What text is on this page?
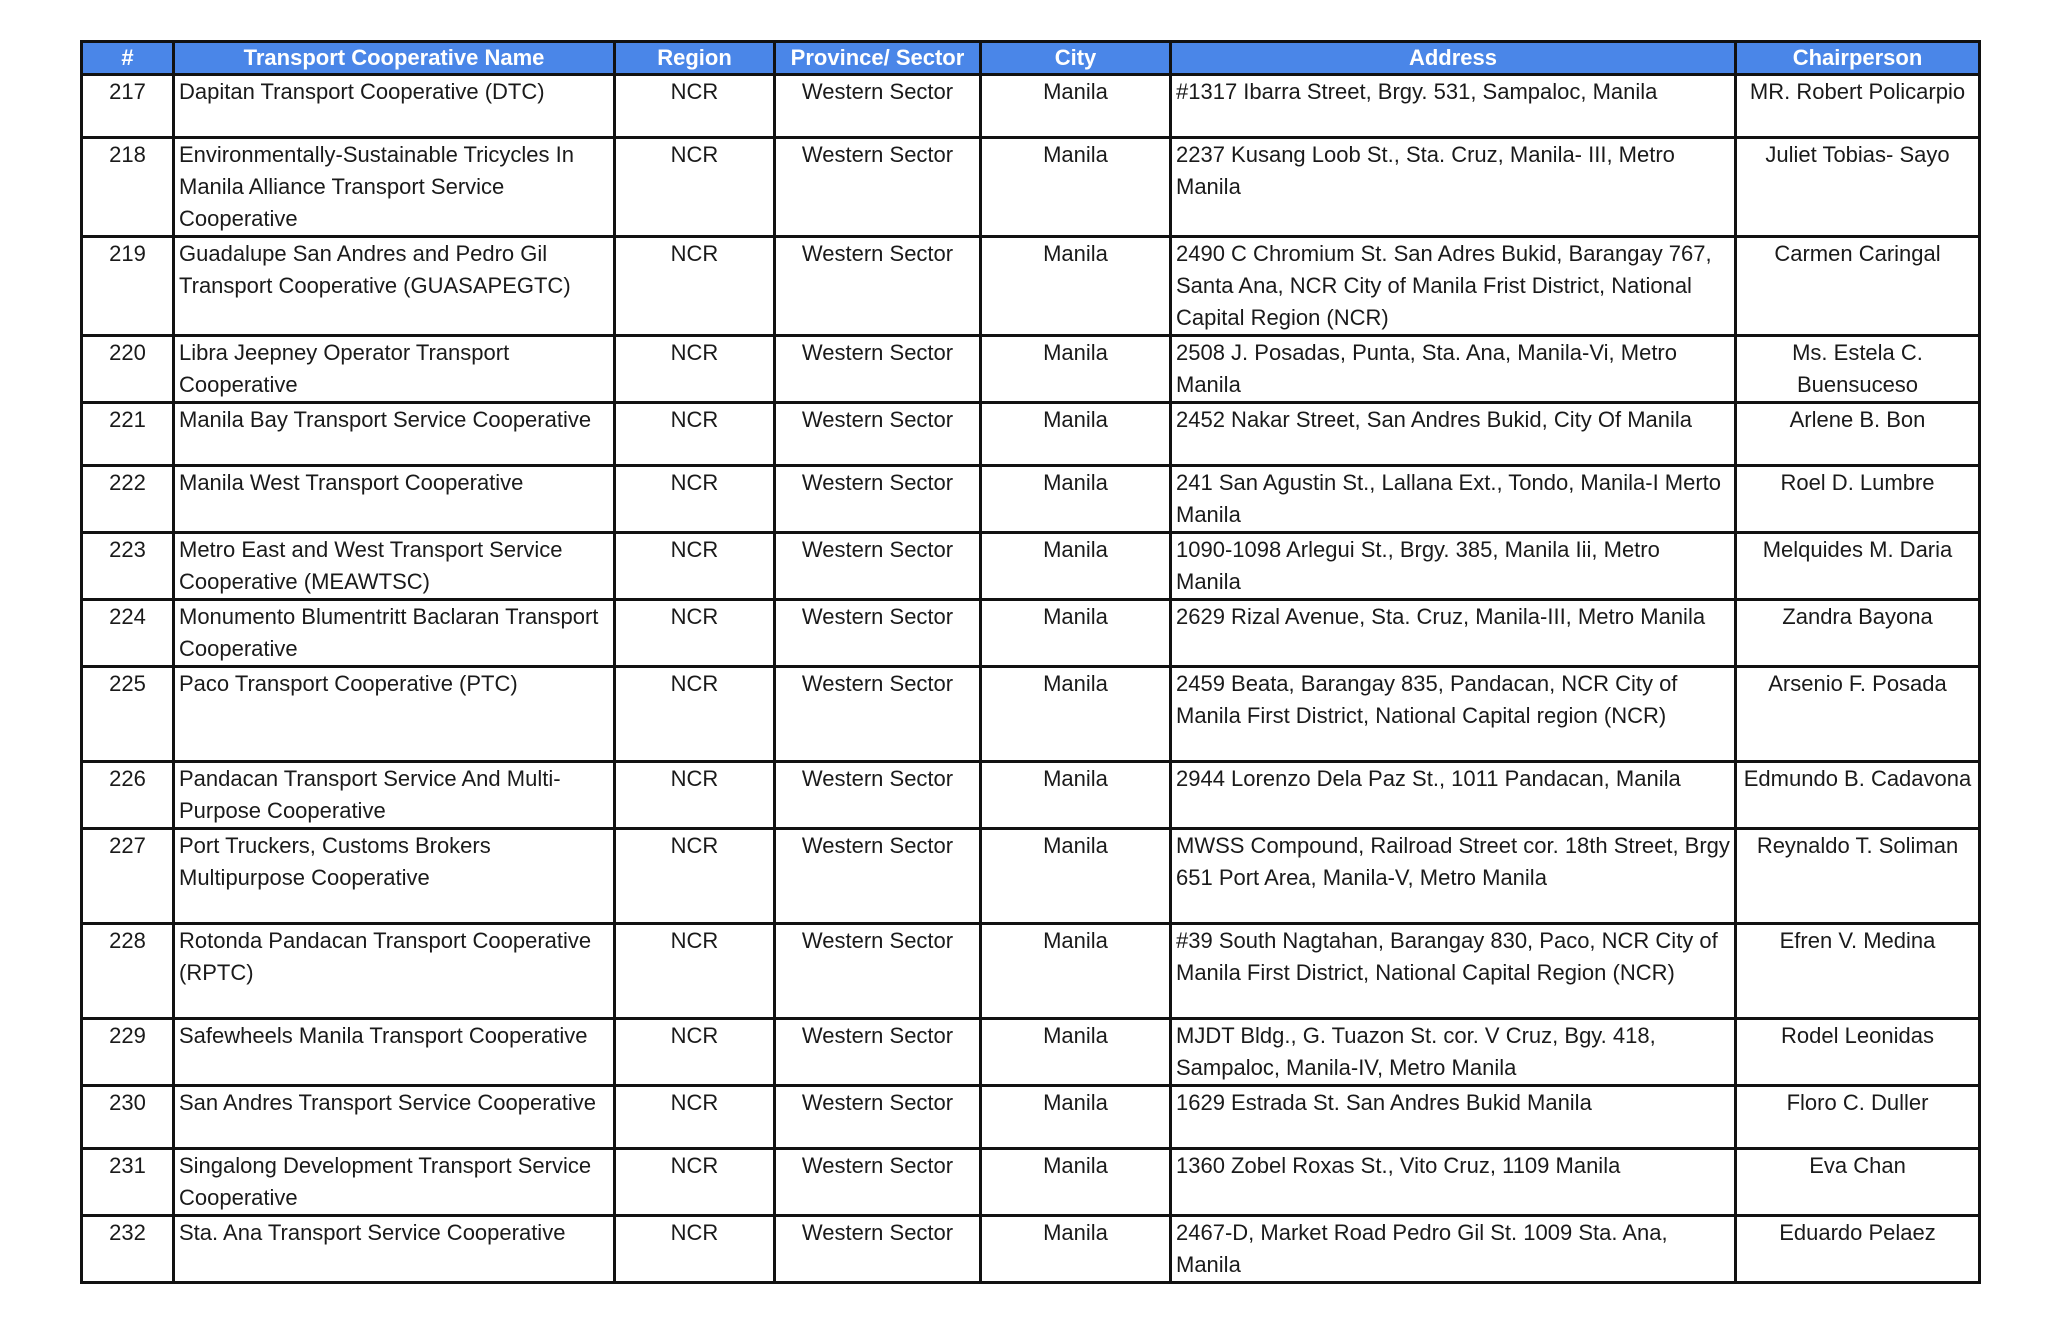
#	Transport Cooperative Name	Region	Province/ Sector	City	Address	Chairperson
217	Dapitan Transport Cooperative (DTC)	NCR	Western Sector	Manila	#1317 Ibarra Street, Brgy. 531, Sampaloc, Manila	MR. Robert Policarpio
218	Environmentally-Sustainable Tricycles In Manila Alliance Transport Service Cooperative	NCR	Western Sector	Manila	2237 Kusang Loob St., Sta. Cruz, Manila- III, Metro Manila	Juliet Tobias- Sayo
219	Guadalupe San Andres and Pedro Gil Transport Cooperative (GUASAPEGTC)	NCR	Western Sector	Manila	2490 C Chromium St. San Adres Bukid, Barangay 767, Santa Ana, NCR City of Manila Frist District, National Capital Region (NCR)	Carmen Caringal
220	Libra Jeepney Operator Transport Cooperative	NCR	Western Sector	Manila	2508 J. Posadas, Punta, Sta. Ana, Manila-Vi, Metro Manila	Ms. Estela C. Buensuceso
221	Manila Bay Transport Service Cooperative	NCR	Western Sector	Manila	2452 Nakar Street, San Andres Bukid, City Of Manila	Arlene B. Bon
222	Manila West Transport Cooperative	NCR	Western Sector	Manila	241 San Agustin St., Lallana Ext., Tondo, Manila-I Merto Manila	Roel D. Lumbre
223	Metro East and West Transport Service Cooperative (MEAWTSC)	NCR	Western Sector	Manila	1090-1098 Arlegui St., Brgy. 385, Manila Iii, Metro Manila	Melquides M. Daria
224	Monumento Blumentritt Baclaran Transport Cooperative	NCR	Western Sector	Manila	2629 Rizal Avenue, Sta. Cruz, Manila-III, Metro Manila	Zandra Bayona
225	Paco Transport Cooperative (PTC)	NCR	Western Sector	Manila	2459 Beata, Barangay 835, Pandacan, NCR City of Manila First District, National Capital region (NCR)	Arsenio F. Posada
226	Pandacan Transport Service And Multi-Purpose Cooperative	NCR	Western Sector	Manila	2944 Lorenzo Dela Paz St., 1011 Pandacan, Manila	Edmundo B. Cadavona
227	Port Truckers, Customs Brokers Multipurpose Cooperative	NCR	Western Sector	Manila	MWSS Compound, Railroad Street cor. 18th Street, Brgy 651 Port Area, Manila-V, Metro Manila	Reynaldo T. Soliman
228	Rotonda Pandacan Transport Cooperative (RPTC)	NCR	Western Sector	Manila	#39 South Nagtahan, Barangay 830, Paco, NCR City of Manila First District, National Capital Region (NCR)	Efren V. Medina
229	Safewheels Manila Transport Cooperative	NCR	Western Sector	Manila	MJDT Bldg., G. Tuazon St. cor. V Cruz, Bgy. 418, Sampaloc, Manila-IV, Metro Manila	Rodel Leonidas
230	San Andres Transport Service Cooperative	NCR	Western Sector	Manila	1629 Estrada St. San Andres Bukid Manila	Floro C. Duller
231	Singalong Development Transport Service Cooperative	NCR	Western Sector	Manila	1360 Zobel Roxas St., Vito Cruz, 1109 Manila	Eva Chan
232	Sta. Ana Transport Service Cooperative	NCR	Western Sector	Manila	2467-D, Market Road Pedro Gil St. 1009 Sta. Ana, Manila	Eduardo Pelaez
